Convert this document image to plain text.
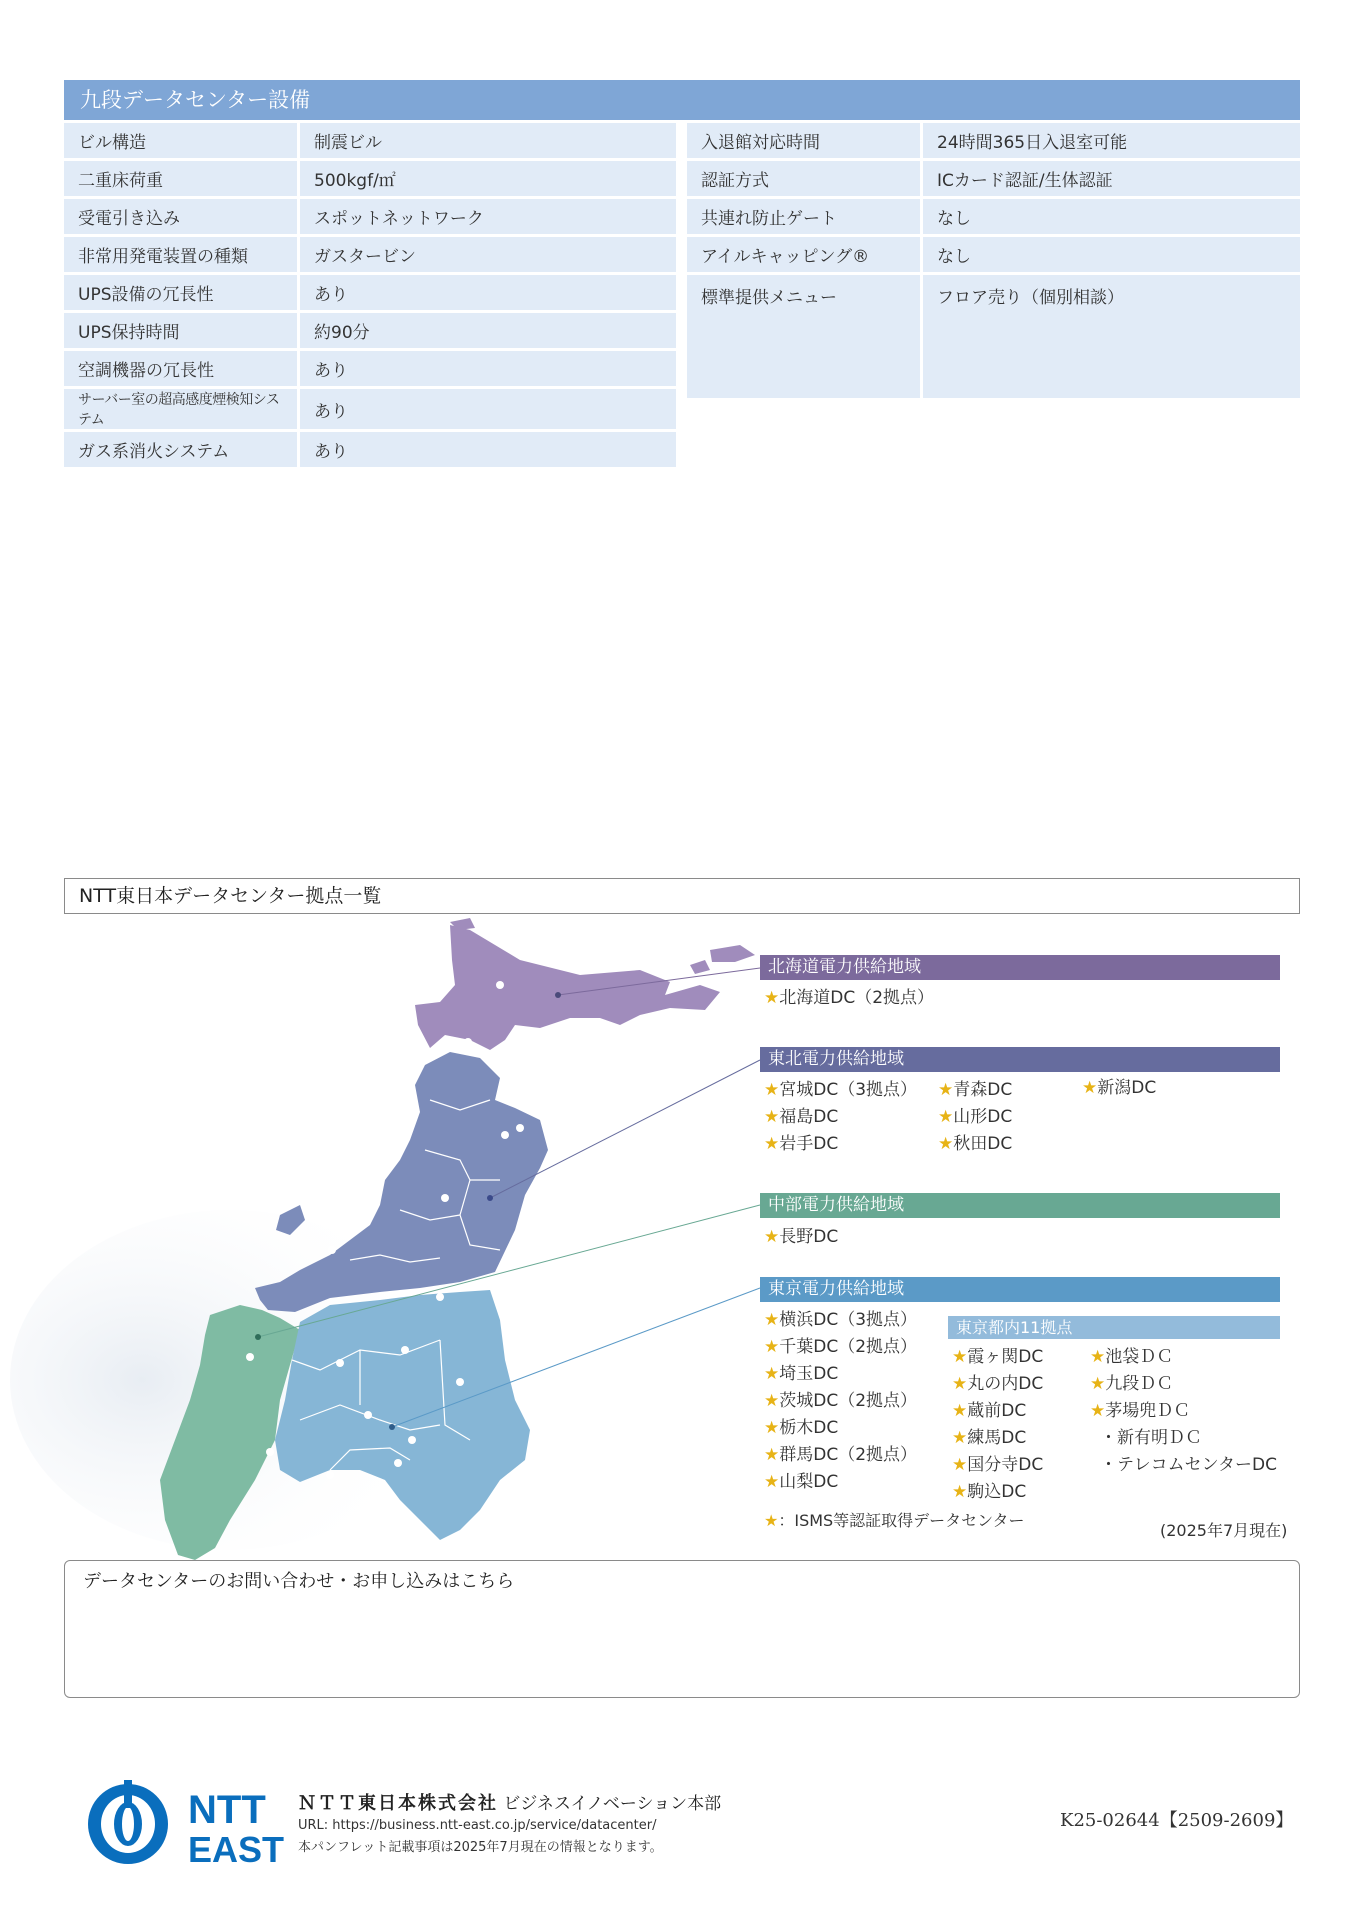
九段データセンター設備
ビル構造	制震ビル
二重床荷重	500kgf/㎡
受電引き込み	スポットネットワーク
非常用発電装置の種類	ガスタービン
UPS設備の冗長性	あり
UPS保持時間	約90分
空調機器の冗長性	あり
サーバー室の超高感度煙検知システム	あり
ガス系消火システム	あり
入退館対応時間	24時間365日入退室可能
認証方式	ICカード認証/生体認証
共連れ防止ゲート	なし
アイルキャッピング®	なし
標準提供メニュー	フロア売り（個別相談）
NTT東日本データセンター拠点一覧
北海道電力供給地域
★北海道DC（2拠点）
東北電力供給地域
★宮城DC（3拠点）
★福島DC
★岩手DC
★青森DC
★山形DC
★秋田DC
★新潟DC
中部電力供給地域
★長野DC
東京電力供給地域
★横浜DC（3拠点）
★千葉DC（2拠点）
★埼玉DC
★茨城DC（2拠点）
★栃木DC
★群馬DC（2拠点）
★山梨DC
東京都内11拠点
★霞ヶ関DC
★丸の内DC
★蔵前DC
★練馬DC
★国分寺DC
★駒込DC
★池袋ＤＣ
★九段ＤＣ
★茅場兜ＤＣ
・新有明ＤＣ
・テレコムセンターDC
★：ISMS等認証取得データセンター
(2025年7月現在)
データセンターのお問い合わせ・お申し込みはこちら
NTT
EAST
ＮＴＴ東日本株式会社 ビジネスイノベーション本部
URL: https://business.ntt-east.co.jp/service/datacenter/
本パンフレット記載事項は2025年7月現在の情報となります。
K25-02644【2509-2609】
